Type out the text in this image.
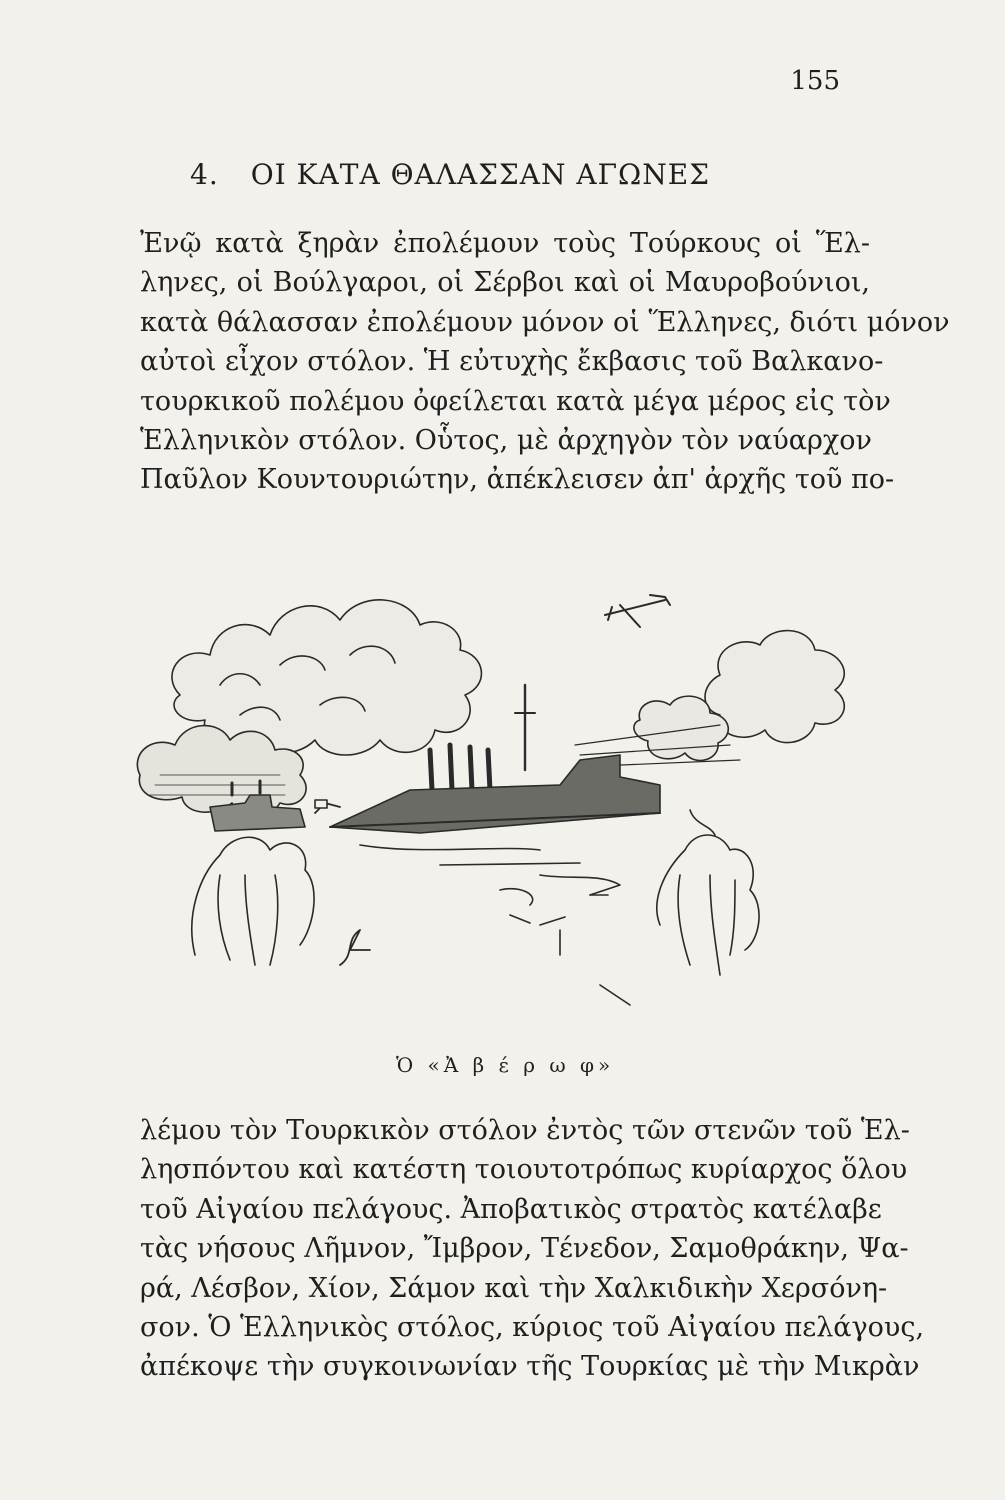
155
4. ΟΙ ΚΑΤΑ ΘΑΛΑΣΣΑΝ ΑΓΩΝΕΣ
Ἐνῷ κατὰ ξηρὰν ἐπολέμουν τοὺς Τούρκους οἱ Ἕλ-
ληνες, οἱ Βούλγαροι, οἱ Σέρβοι καὶ οἱ Μαυροβούνιοι,
κατὰ θάλασσαν ἐπολέμουν μόνον οἱ Ἕλληνες, διότι μόνον
αὐτοὶ εἶχον στόλον. Ἡ εὐτυχὴς ἔκβασις τοῦ Βαλκανο-
τουρκικοῦ πολέμου ὀφείλεται κατὰ μέγα μέρος εἰς τὸν
Ἑλληνικὸν στόλον. Οὗτος, μὲ ἀρχηγὸν τὸν ναύαρχον
Παῦλον Κουντουριώτην, ἀπέκλεισεν ἀπ' ἀρχῆς τοῦ πο-
Ὁ «Ἀ β έ ρ ω φ»
λέμου τὸν Τουρκικὸν στόλον ἐντὸς τῶν στενῶν τοῦ Ἑλ-
λησπόντου καὶ κατέστη τοιουτοτρόπως κυρίαρχος ὅλου
τοῦ Αἰγαίου πελάγους. Ἀποβατικὸς στρατὸς κατέλαβε
τὰς νήσους Λῆμνον, Ἴμβρον, Τένεδον, Σαμοθράκην, Ψα-
ρά, Λέσβον, Χίον, Σάμον καὶ τὴν Χαλκιδικὴν Χερσόνη-
σον. Ὁ Ἑλληνικὸς στόλος, κύριος τοῦ Αἰγαίου πελάγους,
ἀπέκοψε τὴν συγκοινωνίαν τῆς Τουρκίας μὲ τὴν Μικρὰν
